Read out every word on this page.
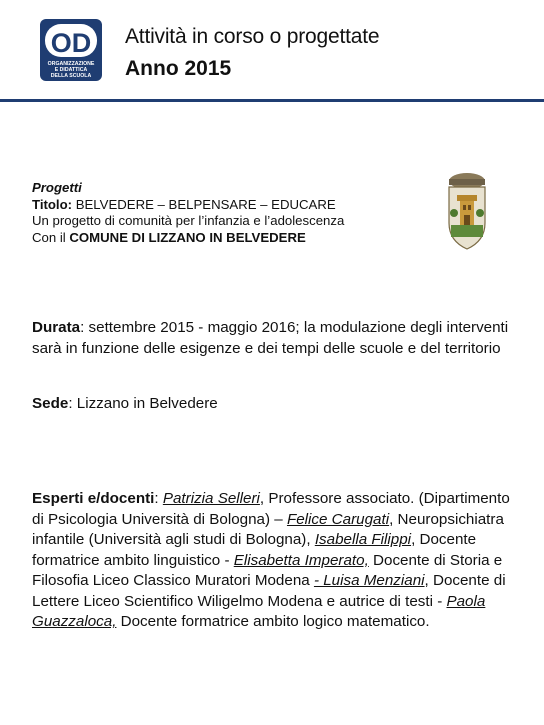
OD
ORGANIZZAZIONE
E DIDATTICA
DELLA SCUOLA
Attività in corso o progettate
Anno 2015
Progetti
Titolo: BELVEDERE – BELPENSARE – EDUCARE
Un progetto di comunità per l’infanzia e l’adolescenza
Con il COMUNE DI LIZZANO IN BELVEDERE
Durata: settembre 2015 - maggio 2016; la modulazione degli interventi sarà in funzione delle esigenze e dei tempi delle scuole e del territorio
Sede: Lizzano in Belvedere
Esperti e/docenti: Patrizia Selleri, Professore associato. (Dipartimento di Psicologia Università di Bologna) – Felice Carugati, Neuropsichiatra infantile (Università agli studi di Bologna), Isabella Filippi, Docente formatrice ambito linguistico - Elisabetta Imperato, Docente di Storia e Filosofia Liceo Classico Muratori Modena - Luisa Menziani, Docente di Lettere Liceo Scientifico Wiligelmo Modena e autrice di testi - Paola Guazzaloca, Docente formatrice ambito logico matematico.
